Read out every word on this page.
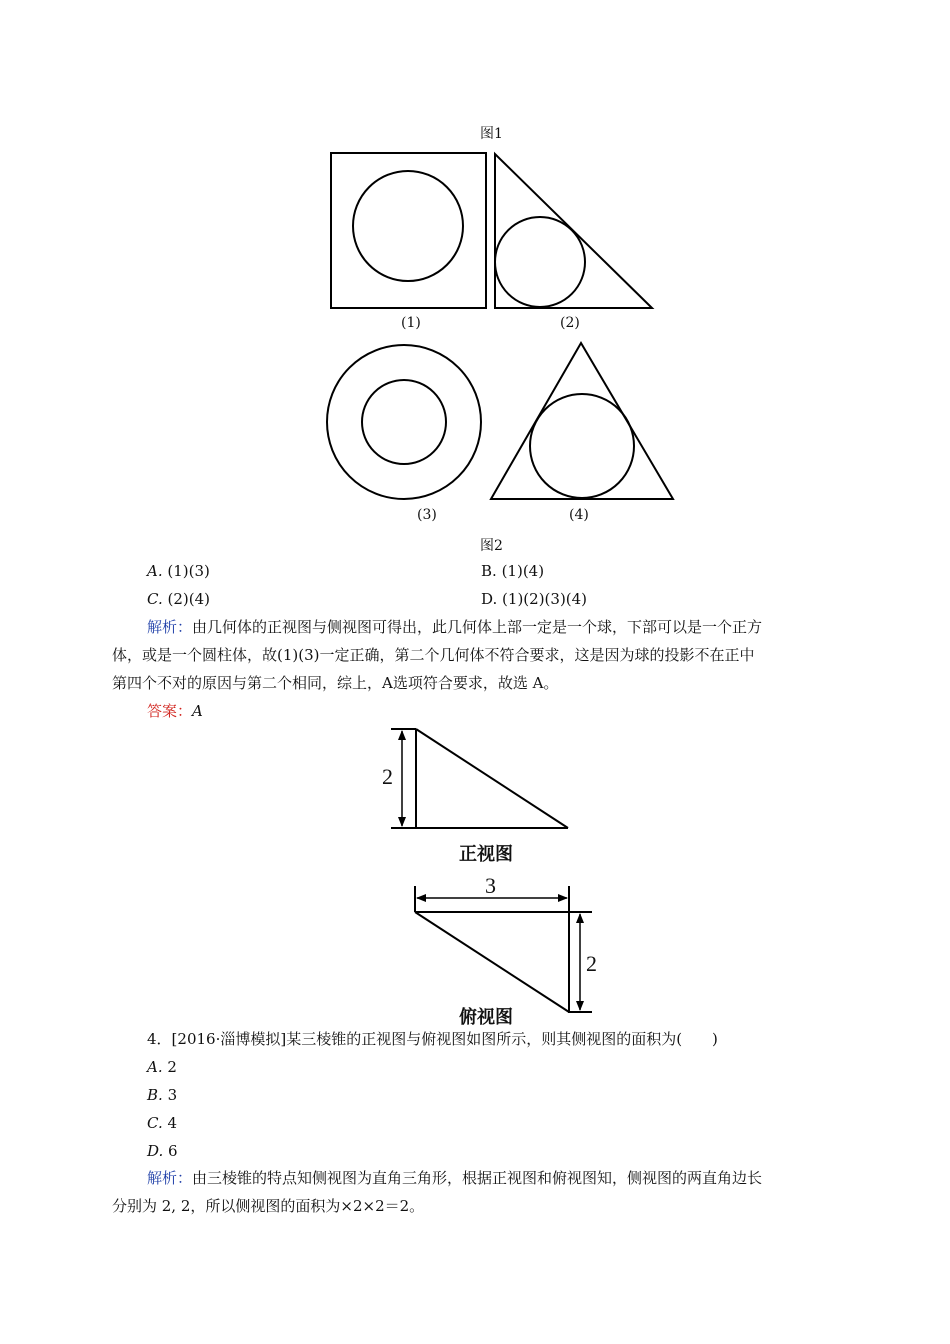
图1
(1)	(2)
(3)	(4)
图2
A. (1)(3)	B. (1)(4)
C. (2)(4)	D. (1)(2)(3)(4)
解析：由几何体的正视图与侧视图可得出，此几何体上部一定是一个球，下部可以是一个正方
体，或是一个圆柱体，故(1)(3)一定正确，第二个几何体不符合要求，这是因为球的投影不在正中
第四个不对的原因与第二个相同，综上，A选项符合要求，故选 A。
答案：A
2
正视图
3
2
俯视图
4．[2016·淄博模拟]某三棱锥的正视图与俯视图如图所示，则其侧视图的面积为(　　)
A. 2
B. 3
C. 4
D. 6
解析：由三棱锥的特点知侧视图为直角三角形，根据正视图和俯视图知，侧视图的两直角边长
分别为 2, 2，所以侧视图的面积为×2×2＝2。
